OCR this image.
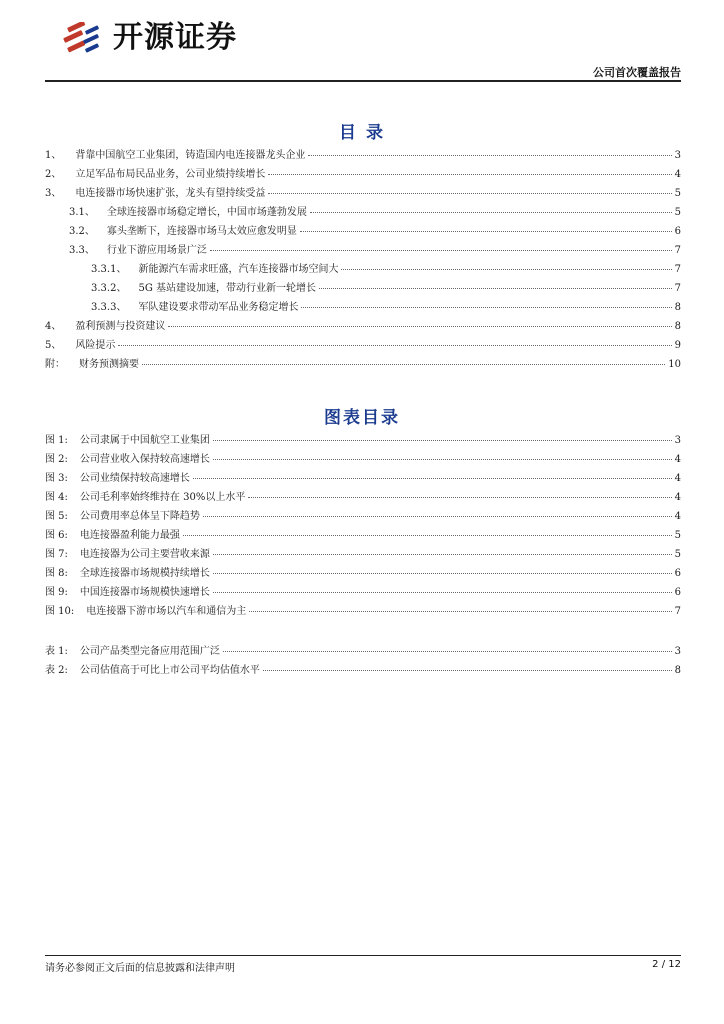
开源证券
公司首次覆盖报告
目 录
1、 背靠中国航空工业集团，铸造国内电连接器龙头企业	3
2、 立足军品布局民品业务，公司业绩持续增长	4
3、 电连接器市场快速扩张，龙头有望持续受益	5
3.1、 全球连接器市场稳定增长，中国市场蓬勃发展	5
3.2、 寡头垄断下，连接器市场马太效应愈发明显	6
3.3、 行业下游应用场景广泛	7
3.3.1、 新能源汽车需求旺盛，汽车连接器市场空间大	7
3.3.2、 5G 基站建设加速，带动行业新一轮增长	7
3.3.3、 军队建设要求带动军品业务稳定增长	8
4、 盈利预测与投资建议	8
5、 风险提示	9
附： 财务预测摘要	10
图表目录
图 1: 公司隶属于中国航空工业集团	3
图 2: 公司营业收入保持较高速增长	4
图 3: 公司业绩保持较高速增长	4
图 4: 公司毛利率始终维持在 30%以上水平	4
图 5: 公司费用率总体呈下降趋势	4
图 6: 电连接器盈利能力最强	5
图 7: 电连接器为公司主要营收来源	5
图 8: 全球连接器市场规模持续增长	6
图 9: 中国连接器市场规模快速增长	6
图 10: 电连接器下游市场以汽车和通信为主	7
表 1: 公司产品类型完备应用范围广泛	3
表 2: 公司估值高于可比上市公司平均估值水平	8
请务必参阅正文后面的信息披露和法律声明	2 / 12
